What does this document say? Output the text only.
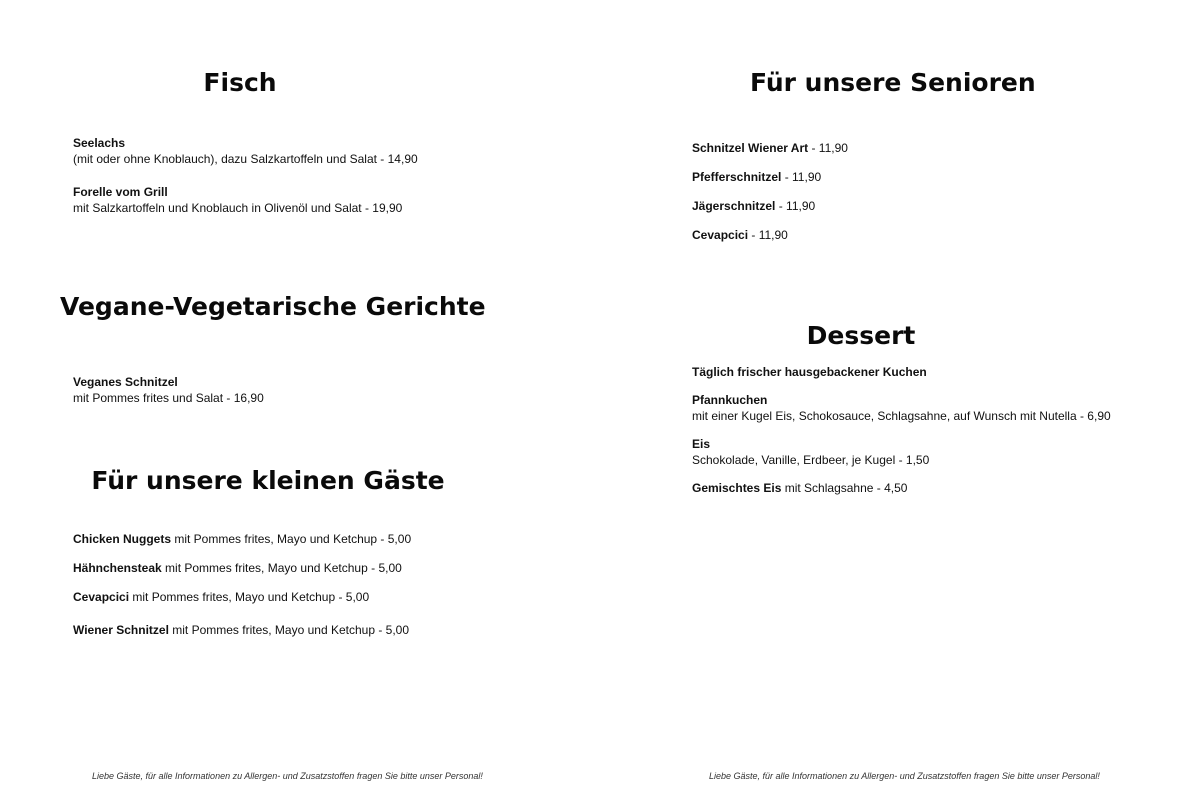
Fisch

Seelachs
(mit oder ohne Knoblauch), dazu Salzkartoffeln und Salat - 14,90

Forelle vom Grill
mit Salzkartoffeln und Knoblauch in Olivenöl und Salat - 19,90

Vegane-Vegetarische Gerichte

Veganes Schnitzel
mit Pommes frites und Salat - 16,90

Für unsere kleinen Gäste

Chicken Nuggets mit Pommes frites, Mayo und Ketchup - 5,00

Hähnchensteak mit Pommes frites, Mayo und Ketchup - 5,00

Cevapcici mit Pommes frites, Mayo und Ketchup - 5,00

Wiener Schnitzel mit Pommes frites, Mayo und Ketchup - 5,00

Liebe Gäste, für alle Informationen zu Allergen- und Zusatzstoffen fragen Sie bitte unser Personal!
Für unsere Senioren

Schnitzel Wiener Art - 11,90

Pfefferschnitzel - 11,90

Jägerschnitzel - 11,90

Cevapcici - 11,90

Dessert

Täglich frischer hausgebackener Kuchen

Pfannkuchen
mit einer Kugel Eis, Schokosauce, Schlagsahne, auf Wunsch mit Nutella - 6,90

Eis
Schokolade, Vanille, Erdbeer, je Kugel - 1,50

Gemischtes Eis mit Schlagsahne - 4,50

Liebe Gäste, für alle Informationen zu Allergen- und Zusatzstoffen fragen Sie bitte unser Personal!
